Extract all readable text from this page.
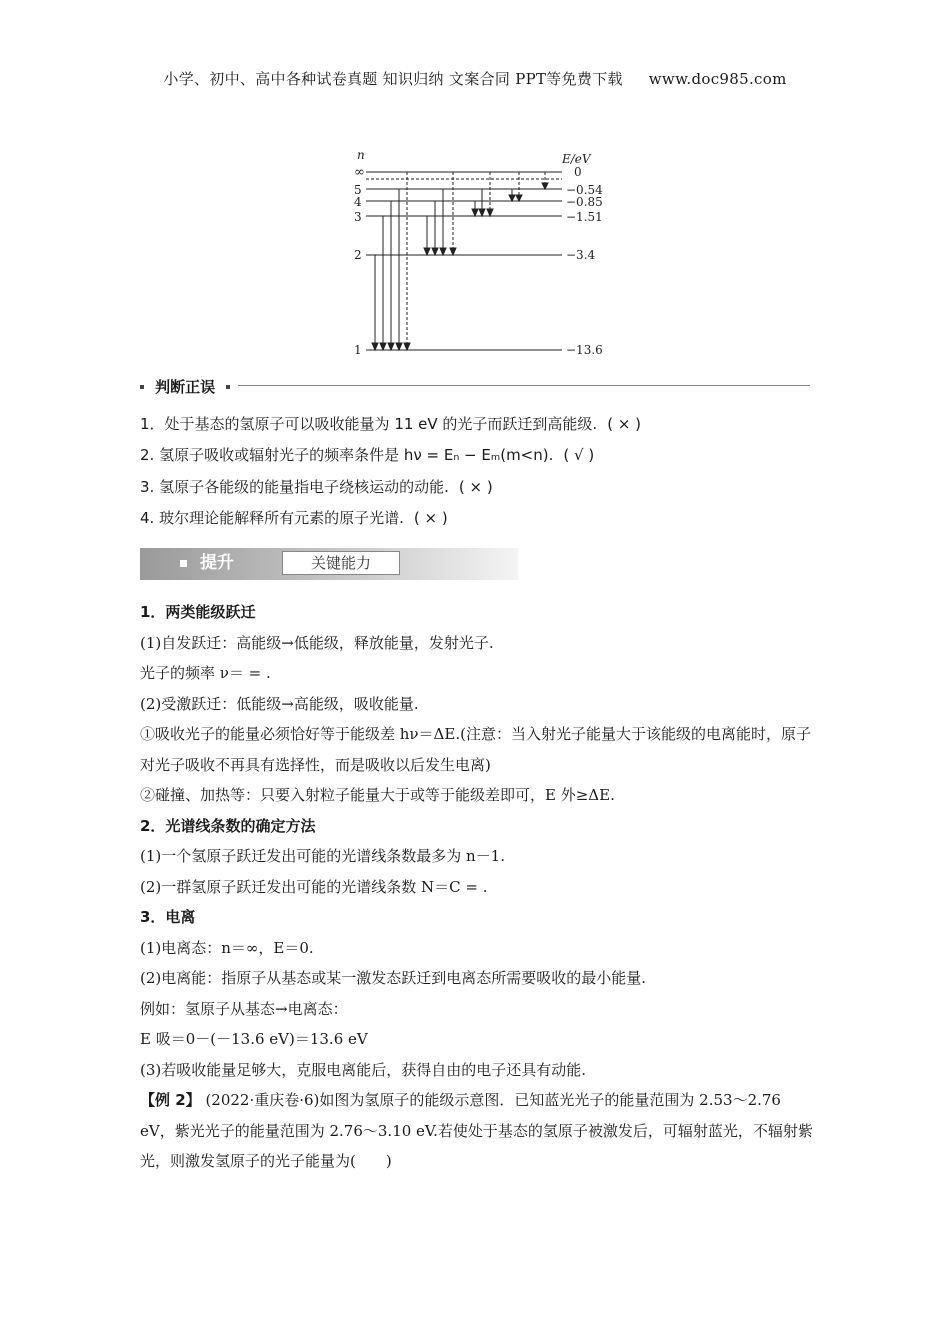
小学、初中、高中各种试卷真题 知识归纳 文案合同 PPT等免费下载 www.doc985.com
n	E/eV
∞	0
5	−0.54
4	−0.85
3	−1.51
2	−3.4
1	−13.6
判断正误
1．处于基态的氢原子可以吸收能量为 11 eV 的光子而跃迁到高能级. ( × )
2. 氢原子吸收或辐射光子的频率条件是 hν = Eₙ − Eₘ(m<n). ( √ )
3. 氢原子各能级的能量指电子绕核运动的动能. ( × )
4. 玻尔理论能解释所有元素的原子光谱. ( × )
提升	关键能力

1．两类能级跃迁

(1)自发跃迁：高能级→低能级，释放能量，发射光子.

光子的频率 ν＝ = .

(2)受激跃迁：低能级→高能级，吸收能量.

①吸收光子的能量必须恰好等于能级差 hν＝ΔE.(注意：当入射光子能量大于该能级的电离能时，原子对光子吸收不再具有选择性，而是吸收以后发生电离)

②碰撞、加热等：只要入射粒子能量大于或等于能级差即可，E 外≥ΔE.

2．光谱线条数的确定方法

(1)一个氢原子跃迁发出可能的光谱线条数最多为 n－1.

(2)一群氢原子跃迁发出可能的光谱线条数 N＝C = .

3．电离

(1)电离态：n＝∞，E＝0.

(2)电离能：指原子从基态或某一激发态跃迁到电离态所需要吸收的最小能量.

例如：氢原子从基态→电离态：

E 吸＝0－(－13.6 eV)＝13.6 eV

(3)若吸收能量足够大，克服电离能后，获得自由的电子还具有动能.

【例 2】 (2022·重庆卷·6)如图为氢原子的能级示意图．已知蓝光光子的能量范围为 2.53～2.76 eV，紫光光子的能量范围为 2.76～3.10 eV.若使处于基态的氢原子被激发后，可辐射蓝光，不辐射紫光，则激发氢原子的光子能量为(　　)
